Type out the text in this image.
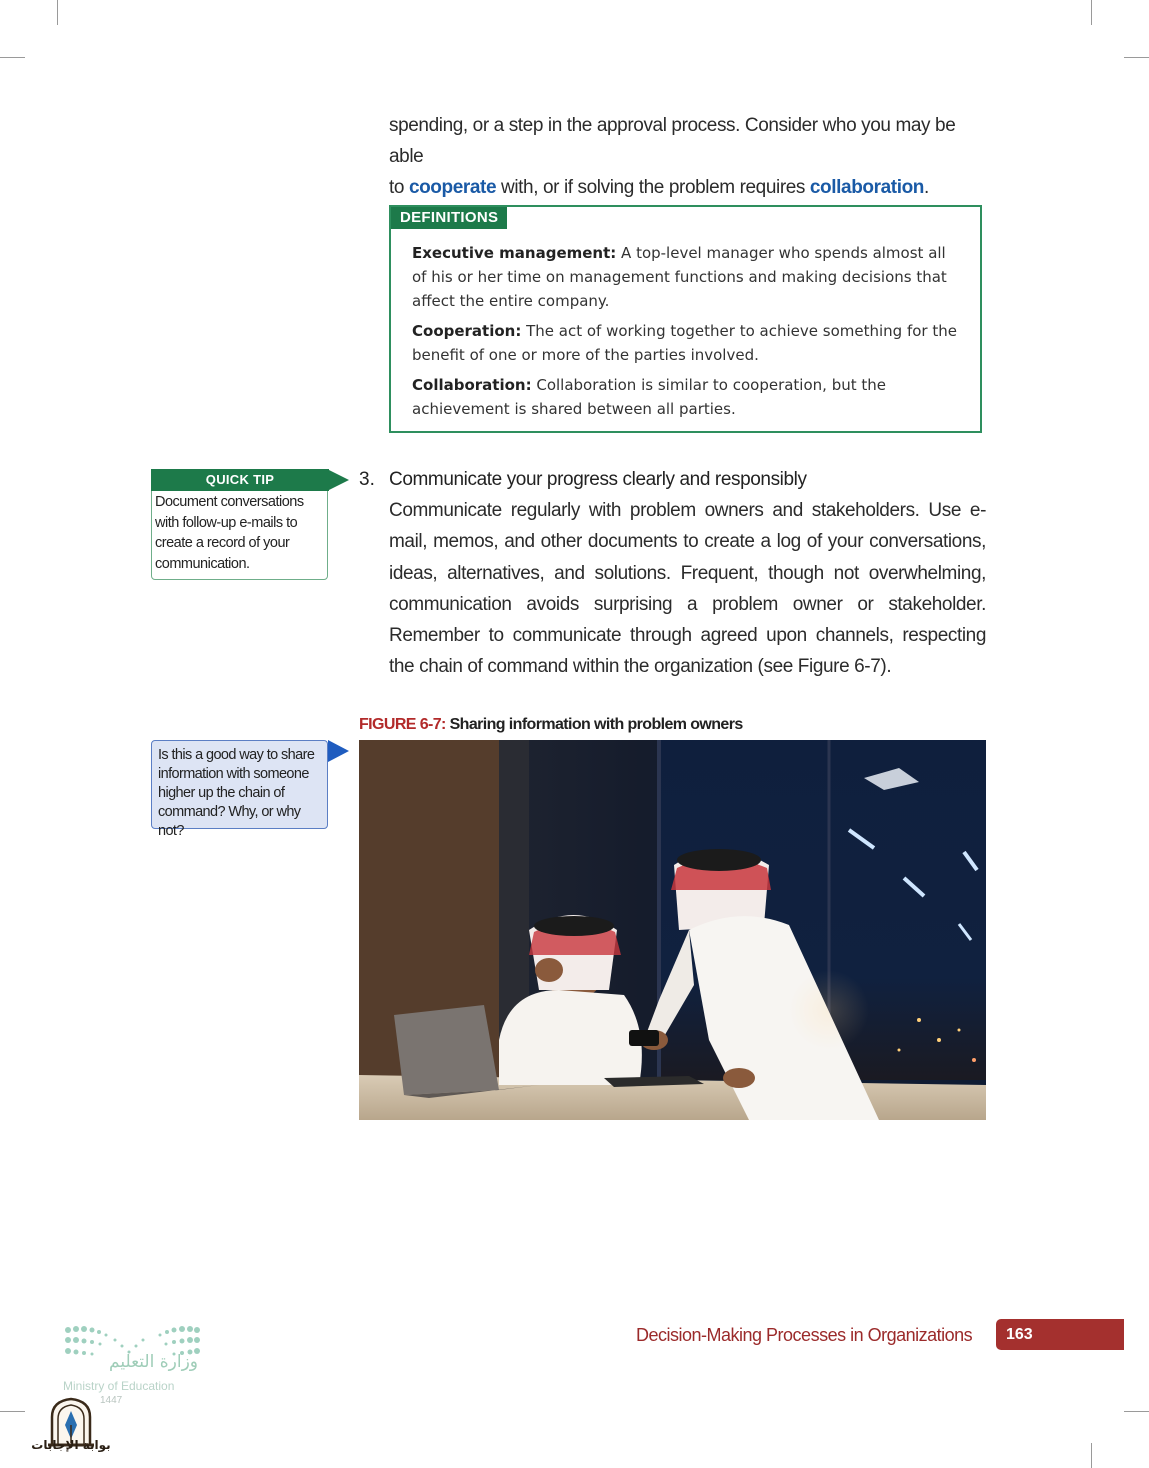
spending, or a step in the approval process. Consider who you may be able
to cooperate with, or if solving the problem requires collaboration.
DEFINITIONS
Executive management: A top-level manager who spends almost all of his or her time on management functions and making decisions that affect the entire company.
Cooperation: The act of working together to achieve something for the benefit of one or more of the parties involved.
Collaboration: Collaboration is similar to cooperation, but the achievement is shared between all parties.
QUICK TIP
Document conversations with follow-up e-mails to create a record of your communication.
3. Communicate your progress clearly and responsibly
Communicate regularly with problem owners and stakeholders. Use e-mail, memos, and other documents to create a log of your conversations, ideas, alternatives, and solutions. Frequent, though not overwhelming, communication avoids surprising a problem owner or stakeholder. Remember to communicate through agreed upon channels, respecting the chain of command within the organization (see Figure 6-7).
Is this a good way to share information with someone higher up the chain of command? Why, or why not?
FIGURE 6-7: Sharing information with problem owners
Decision-Making Processes in Organizations 163
وزارة التعليم
Ministry of Education
1447
بوابة الإجابات
